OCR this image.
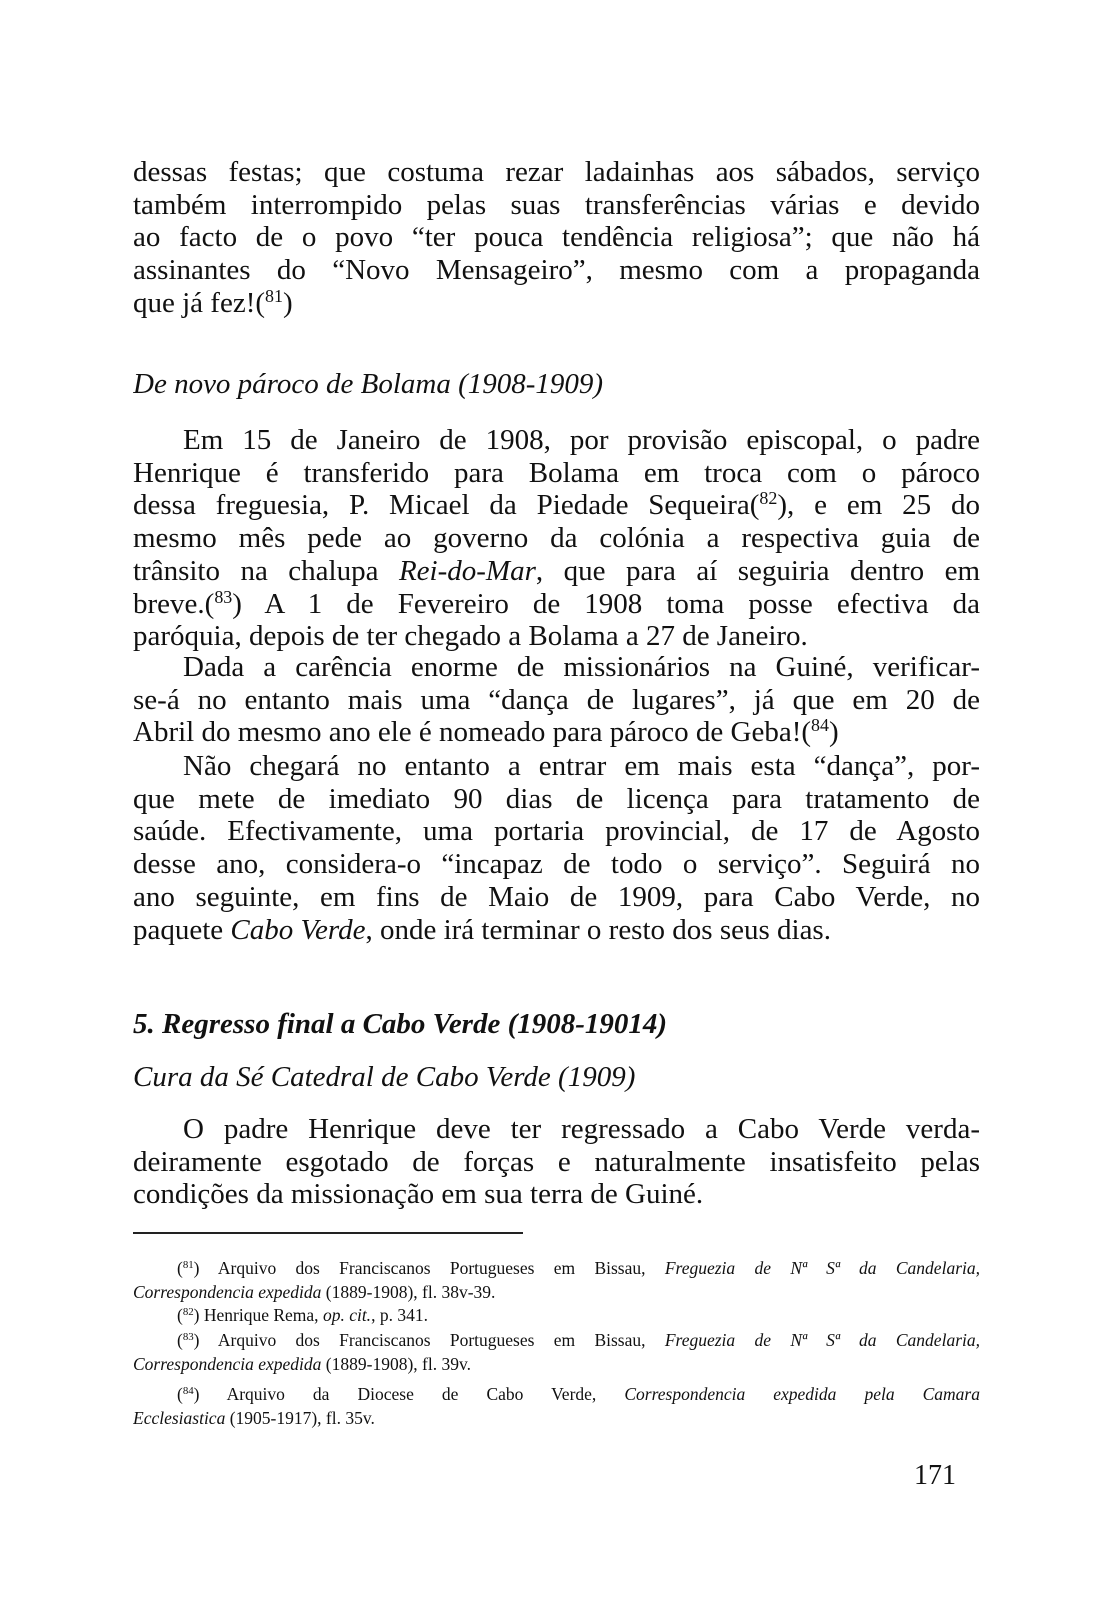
dessas festas; que costuma rezar ladainhas aos sábados, serviço
também interrompido pelas suas transferências várias e devido
ao facto de o povo “ter pouca tendência religiosa”; que não há
assinantes do “Novo Mensageiro”, mesmo com a propaganda
que já fez!($^{81}$)
De novo pároco de Bolama (1908-1909)
Em 15 de Janeiro de 1908, por provisão episcopal, o padre
Henrique é transferido para Bolama em troca com o pároco
dessa freguesia, P. Micael da Piedade Sequeira($^{82}$), e em 25 do
mesmo mês pede ao governo da colónia a respectiva guia de
trânsito na chalupa Rei-do-Mar, que para aí seguiria dentro em
breve.($^{83}$) A 1 de Fevereiro de 1908 toma posse efectiva da
paróquia, depois de ter chegado a Bolama a 27 de Janeiro.
Dada a carência enorme de missionários na Guiné, verificar-
se-á no entanto mais uma “dança de lugares”, já que em 20 de
Abril do mesmo ano ele é nomeado para pároco de Geba!($^{84}$)
Não chegará no entanto a entrar em mais esta “dança”, por-
que mete de imediato 90 dias de licença para tratamento de
saúde. Efectivamente, uma portaria provincial, de 17 de Agosto
desse ano, considera-o “incapaz de todo o serviço”. Seguirá no
ano seguinte, em fins de Maio de 1909, para Cabo Verde, no
paquete Cabo Verde, onde irá terminar o resto dos seus dias.
5. Regresso final a Cabo Verde (1908-19014)
Cura da Sé Catedral de Cabo Verde (1909)
O padre Henrique deve ter regressado a Cabo Verde verda-
deiramente esgotado de forças e naturalmente insatisfeito pelas
condições da missionação em sua terra de Guiné.
($^{81}$) Arquivo dos Franciscanos Portugueses em Bissau, Freguezia de Nª Sª da Candelaria,
Correspondencia expedida (1889-1908), fl. 38v-39.
($^{82}$) Henrique Rema, op. cit., p. 341.
($^{83}$) Arquivo dos Franciscanos Portugueses em Bissau, Freguezia de Nª Sª da Candelaria,
Correspondencia expedida (1889-1908), fl. 39v.
($^{84}$) Arquivo da Diocese de Cabo Verde, Correspondencia expedida pela Camara
Ecclesiastica (1905-1917), fl. 35v.
171
